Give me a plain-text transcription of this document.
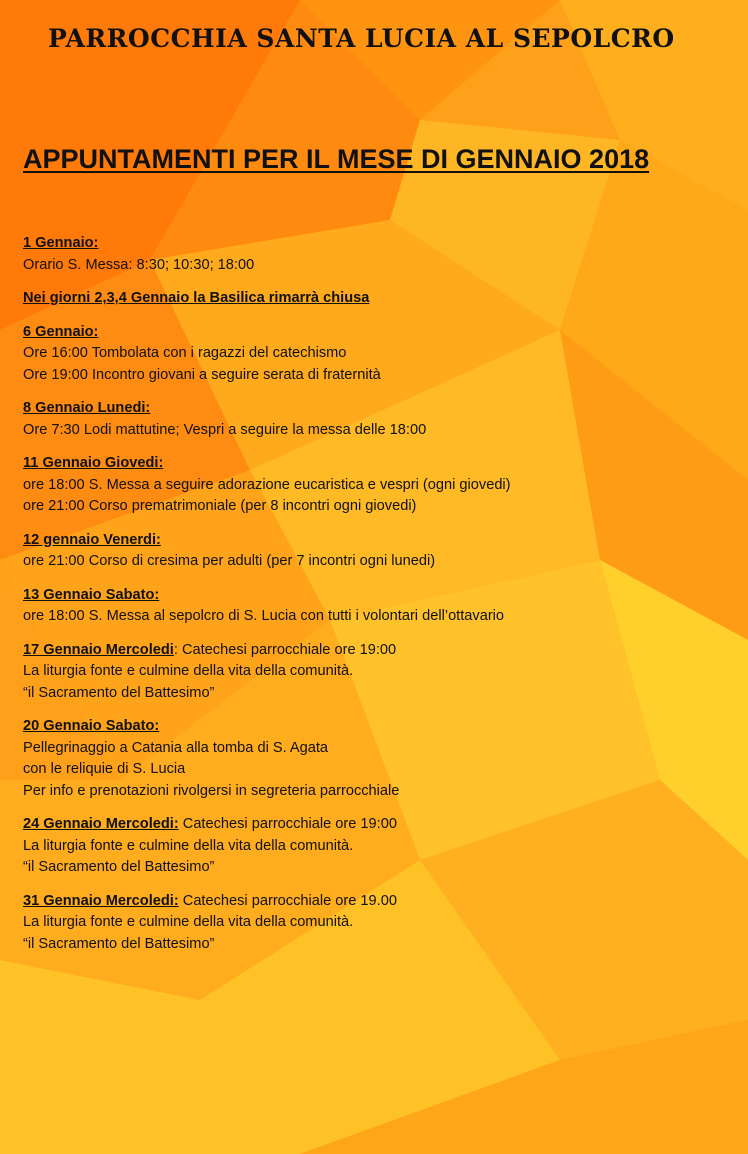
PARROCCHIA SANTA LUCIA AL SEPOLCRO
APPUNTAMENTI PER IL MESE DI GENNAIO 2018

1 Gennaio:

Orario S. Messa: 8:30; 10:30; 18:00

Nei giorni 2,3,4 Gennaio la Basilica rimarrà chiusa

6 Gennaio:

Ore 16:00 Tombolata con i ragazzi del catechismo

Ore 19:00 Incontro giovani a seguire serata di fraternità

8 Gennaio Lunedi:

Ore 7:30 Lodi mattutine; Vespri a seguire la messa delle 18:00

11 Gennaio Giovedi:

ore 18:00 S. Messa a seguire adorazione eucaristica e vespri (ogni giovedi)

ore 21:00 Corso prematrimoniale (per 8 incontri ogni giovedi)

12 gennaio Venerdi:

ore 21:00 Corso di cresima per adulti (per 7 incontri ogni lunedi)

13 Gennaio Sabato:

ore 18:00 S. Messa al sepolcro di S. Lucia con tutti i volontari dell’ottavario

17 Gennaio Mercoledi: Catechesi parrocchiale ore 19:00

La liturgia fonte e culmine della vita della comunità.

“il Sacramento del Battesimo”

20 Gennaio Sabato:

Pellegrinaggio a Catania alla tomba di S. Agata

con le reliquie di S. Lucia

Per info e prenotazioni rivolgersi in segreteria parrocchiale

24 Gennaio Mercoledi: Catechesi parrocchiale ore 19:00

La liturgia fonte e culmine della vita della comunità.

“il Sacramento del Battesimo”

31 Gennaio Mercoledi: Catechesi parrocchiale ore 19.00

La liturgia fonte e culmine della vita della comunità.

“il Sacramento del Battesimo”
